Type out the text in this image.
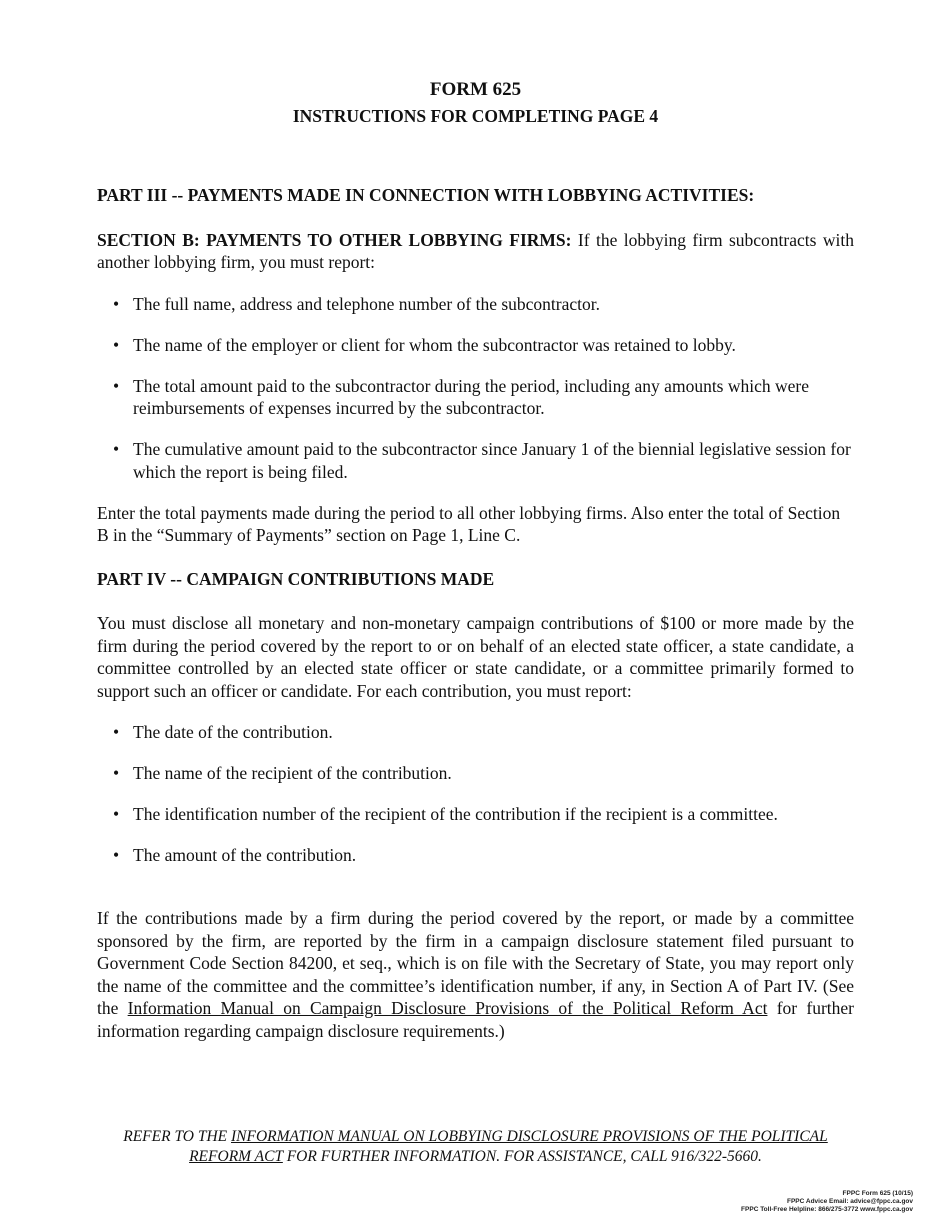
FORM 625
INSTRUCTIONS FOR COMPLETING PAGE 4
PART III -- PAYMENTS MADE IN CONNECTION WITH LOBBYING ACTIVITIES:

SECTION B: PAYMENTS TO OTHER LOBBYING FIRMS: If the lobbying firm subcontracts with another lobbying firm, you must report:

• The full name, address and telephone number of the subcontractor.
• The name of the employer or client for whom the subcontractor was retained to lobby.
• The total amount paid to the subcontractor during the period, including any amounts which were reimbursements of expenses incurred by the subcontractor.
• The cumulative amount paid to the subcontractor since January 1 of the biennial legislative session for which the report is being filed.

Enter the total payments made during the period to all other lobbying firms. Also enter the total of Section B in the “Summary of Payments” section on Page 1, Line C.

PART IV -- CAMPAIGN CONTRIBUTIONS MADE

You must disclose all monetary and non-monetary campaign contributions of $100 or more made by the firm during the period covered by the report to or on behalf of an elected state officer, a state candidate, a committee controlled by an elected state officer or state candidate, or a committee primarily formed to support such an officer or candidate. For each contribution, you must report:

• The date of the contribution.
• The name of the recipient of the contribution.
• The identification number of the recipient of the contribution if the recipient is a committee.
• The amount of the contribution.

If the contributions made by a firm during the period covered by the report, or made by a committee sponsored by the firm, are reported by the firm in a campaign disclosure statement filed pursuant to Government Code Section 84200, et seq., which is on file with the Secretary of State, you may report only the name of the committee and the committee’s identification number, if any, in Section A of Part IV. (See the Information Manual on Campaign Disclosure Provisions of the Political Reform Act for further information regarding campaign disclosure requirements.)

REFER TO THE INFORMATION MANUAL ON LOBBYING DISCLOSURE PROVISIONS OF THE POLITICAL REFORM ACT FOR FURTHER INFORMATION. FOR ASSISTANCE, CALL 916/322-5660.
FPPC Form 625 (10/15)
FPPC Advice Email: advice@fppc.ca.gov
FPPC Toll-Free Helpline: 866/275-3772 www.fppc.ca.gov
